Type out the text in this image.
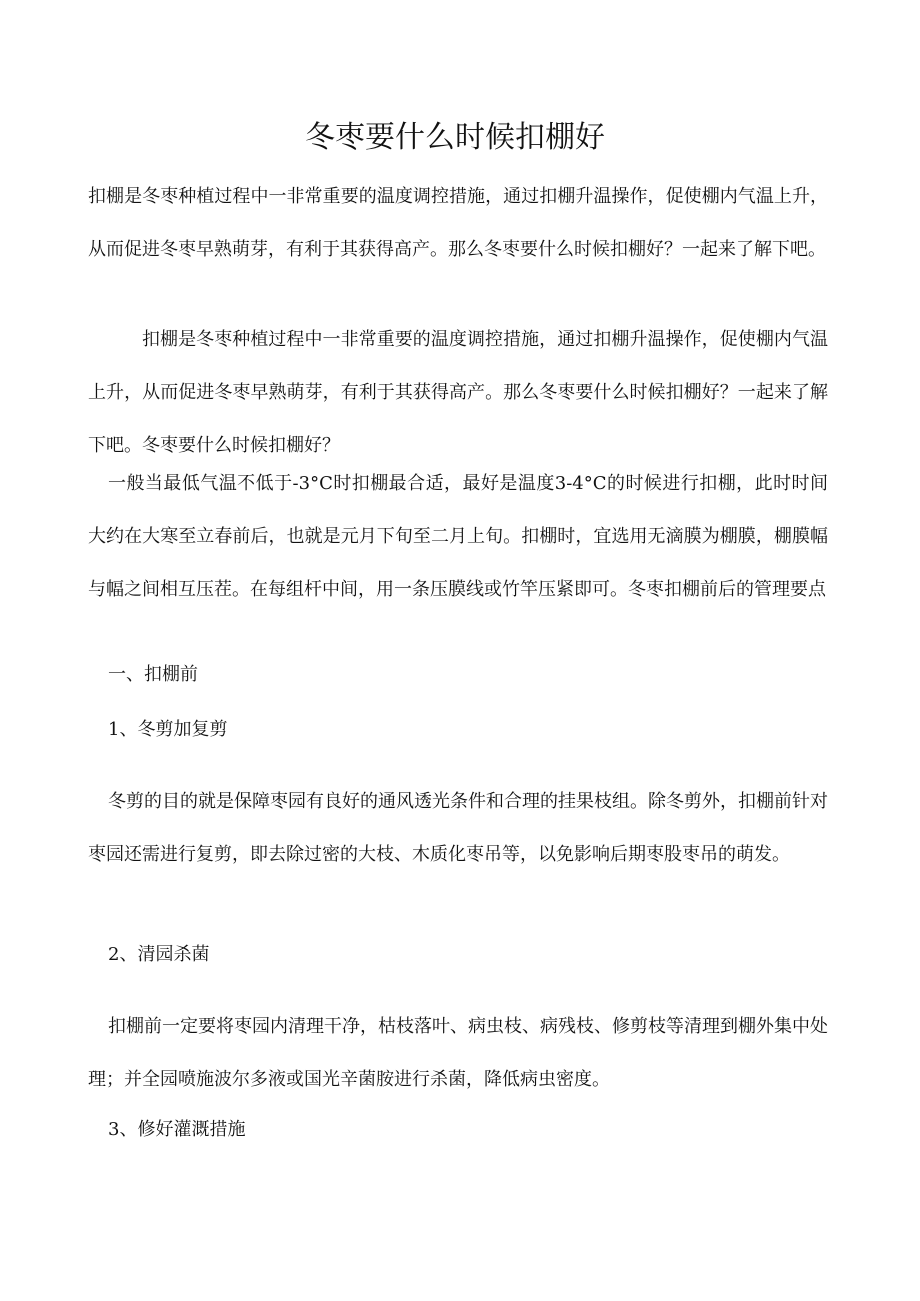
冬枣要什么时候扣棚好

扣棚是冬枣种植过程中一非常重要的温度调控措施，通过扣棚升温操作，促使棚内气温上升，从而促进冬枣早熟萌芽，有利于其获得高产。那么冬枣要什么时候扣棚好？一起来了解下吧。

扣棚是冬枣种植过程中一非常重要的温度调控措施，通过扣棚升温操作，促使棚内气温上升，从而促进冬枣早熟萌芽，有利于其获得高产。那么冬枣要什么时候扣棚好？一起来了解下吧。冬枣要什么时候扣棚好？

一般当最低气温不低于-3°C时扣棚最合适，最好是温度3-4°C的时候进行扣棚，此时时间大约在大寒至立春前后，也就是元月下旬至二月上旬。扣棚时，宜选用无滴膜为棚膜，棚膜幅与幅之间相互压茬。在每组杆中间，用一条压膜线或竹竿压紧即可。冬枣扣棚前后的管理要点

一、扣棚前

1、冬剪加复剪

冬剪的目的就是保障枣园有良好的通风透光条件和合理的挂果枝组。除冬剪外，扣棚前针对枣园还需进行复剪，即去除过密的大枝、木质化枣吊等，以免影响后期枣股枣吊的萌发。

2、清园杀菌

扣棚前一定要将枣园内清理干净，枯枝落叶、病虫枝、病残枝、修剪枝等清理到棚外集中处理；并全园喷施波尔多液或国光辛菌胺进行杀菌，降低病虫密度。

3、修好灌溉措施
